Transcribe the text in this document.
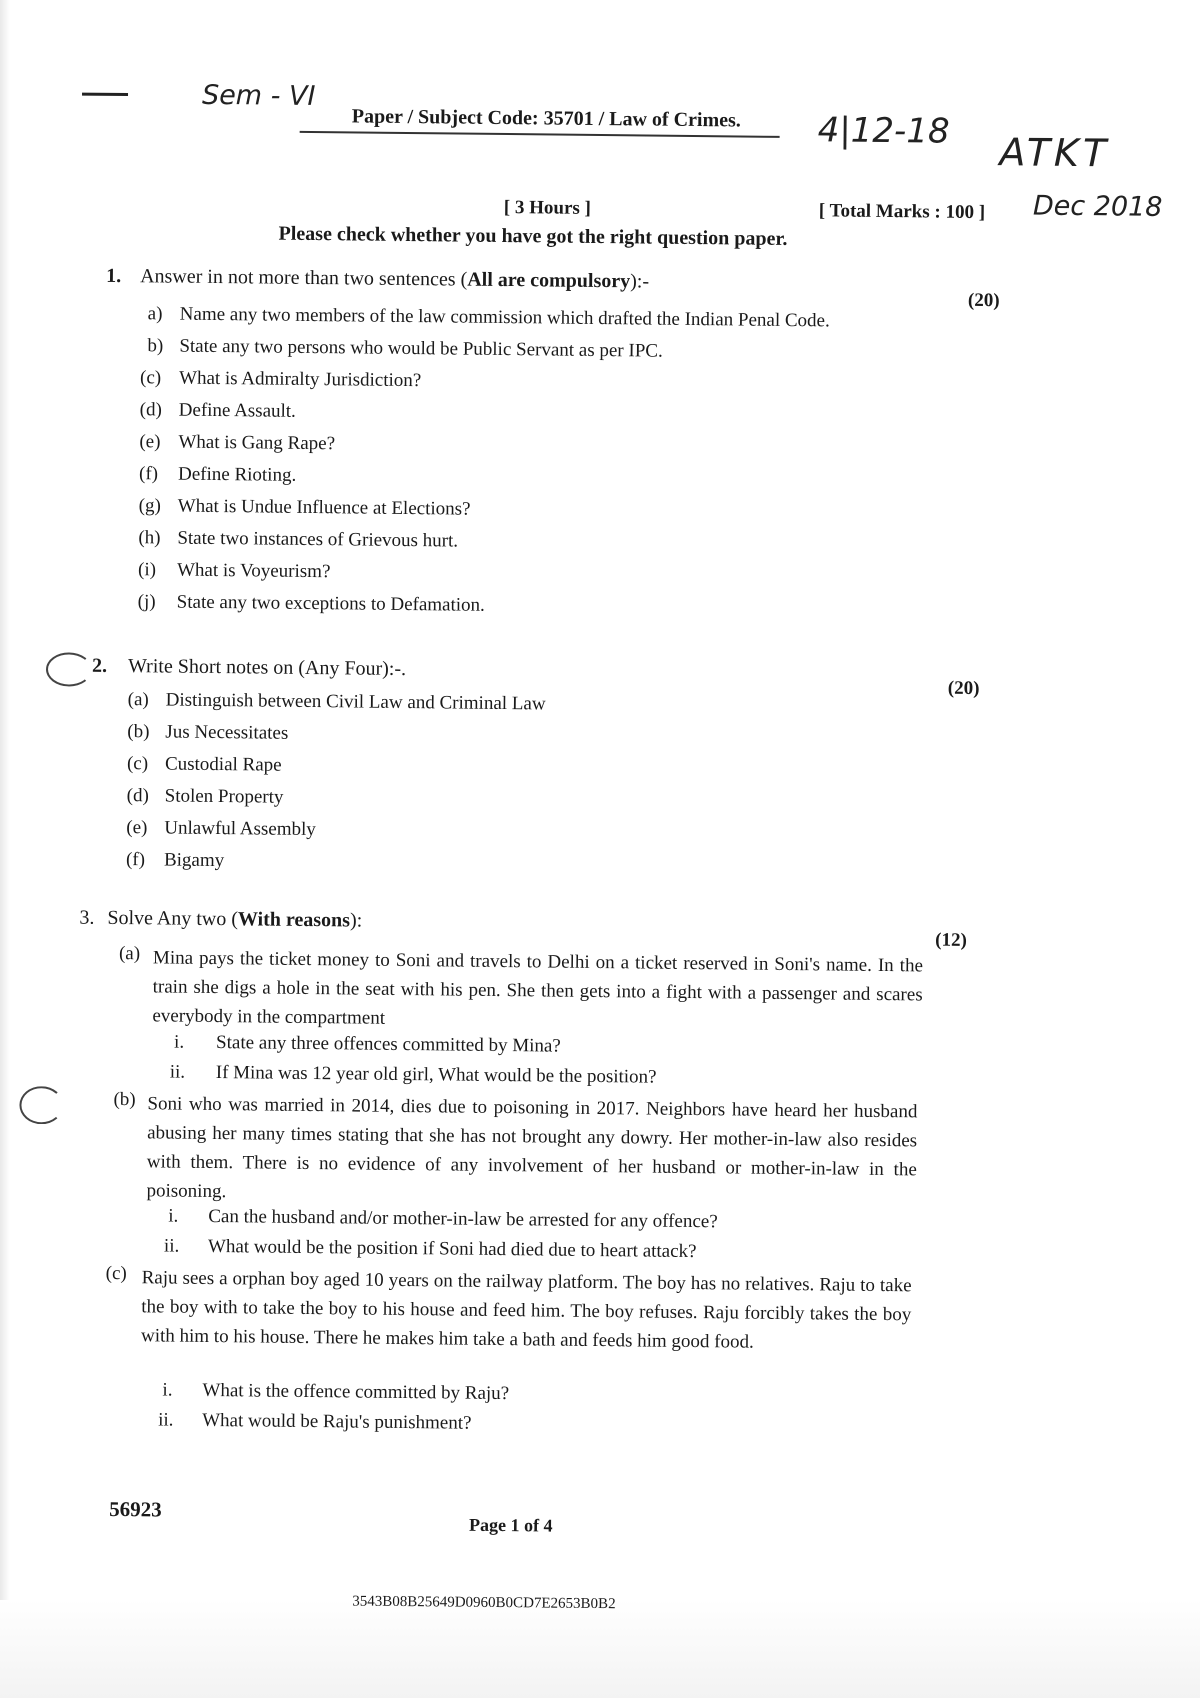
Sem - VI
4|12-18 ATKT
Dec 2018
Paper / Subject Code: 35701 / Law of Crimes.
[ 3 Hours ]	[ Total Marks : 100 ]
Please check whether you have got the right question paper.
1. Answer in not more than two sentences (All are compulsory):-
(20)
a) Name any two members of the law commission which drafted the Indian Penal Code.
b) State any two persons who would be Public Servant as per IPC.
(c) What is Admiralty Jurisdiction?
(d) Define Assault.
(e) What is Gang Rape?
(f) Define Rioting.
(g) What is Undue Influence at Elections?
(h) State two instances of Grievous hurt.
(i) What is Voyeurism?
(j) State any two exceptions to Defamation.
2. Write Short notes on (Any Four):-.
(20)
(a) Distinguish between Civil Law and Criminal Law
(b) Jus Necessitates
(c) Custodial Rape
(d) Stolen Property
(e) Unlawful Assembly
(f) Bigamy
3. Solve Any two (With reasons):
(12)
(a) Mina pays the ticket money to Soni and travels to Delhi on a ticket reserved in Soni's name. In the train she digs a hole in the seat with his pen. She then gets into a fight with a passenger and scares everybody in the compartment
i. State any three offences committed by Mina?
ii. If Mina was 12 year old girl, What would be the position?
(b) Soni who was married in 2014, dies due to poisoning in 2017. Neighbors have heard her husband abusing her many times stating that she has not brought any dowry. Her mother-in-law also resides with them. There is no evidence of any involvement of her husband or mother-in-law in the poisoning.
i. Can the husband and/or mother-in-law be arrested for any offence?
ii. What would be the position if Soni had died due to heart attack?
(c) Raju sees a orphan boy aged 10 years on the railway platform. The boy has no relatives. Raju to take the boy with to take the boy to his house and feed him. The boy refuses. Raju forcibly takes the boy with him to his house. There he makes him take a bath and feeds him good food.
i. What is the offence committed by Raju?
ii. What would be Raju's punishment?
56923
Page 1 of 4
3543B08B25649D0960B0CD7E2653B0B2
